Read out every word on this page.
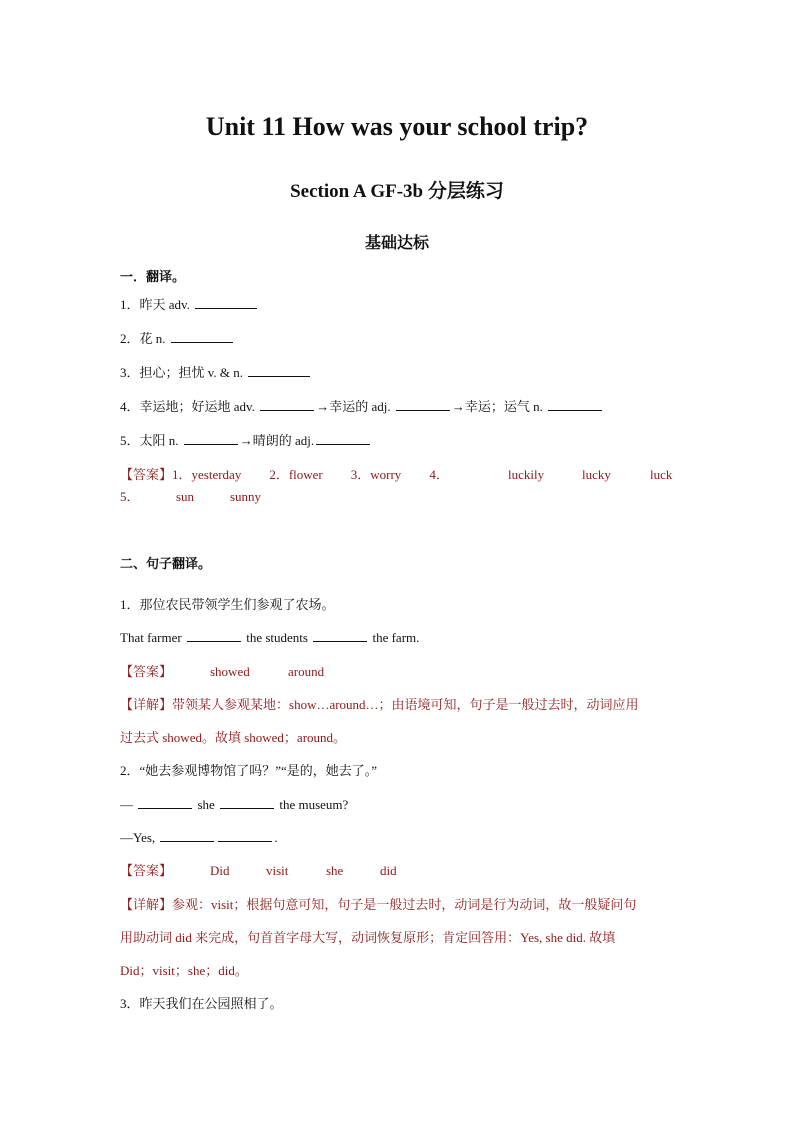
Unit 11 How was your school trip?
Section A GF-3b 分层练习
基础达标
一．翻译。
1．昨天 adv.
2．花 n.
3．担心；担忧 v. & n.
4．幸运地；好运地 adv.	→幸运的 adj.	→幸运；运气 n.
5．太阳 n.	→晴朗的 adj.
【答案】1．yesterday 2．flower 3．worry 4．	luckily	lucky	luck
5．	sun	sunny
二、句子翻译。
1．那位农民带领学生们参观了农场。
That farmer	the students	the farm.
【答案】	showed	around
【详解】带领某人参观某地：show…around…；由语境可知，句子是一般过去时，动词应用
过去式 showed。故填 showed；around。
2．“她去参观博物馆了吗？”“是的，她去了。”
—	she	the museum?
—Yes,	.
【答案】	Did	visit	she	did
【详解】参观：visit；根据句意可知，句子是一般过去时，动词是行为动词，故一般疑问句
用助动词 did 来完成，句首首字母大写，动词恢复原形；肯定回答用：Yes, she did. 故填
Did；visit；she；did。
3．昨天我们在公园照相了。
